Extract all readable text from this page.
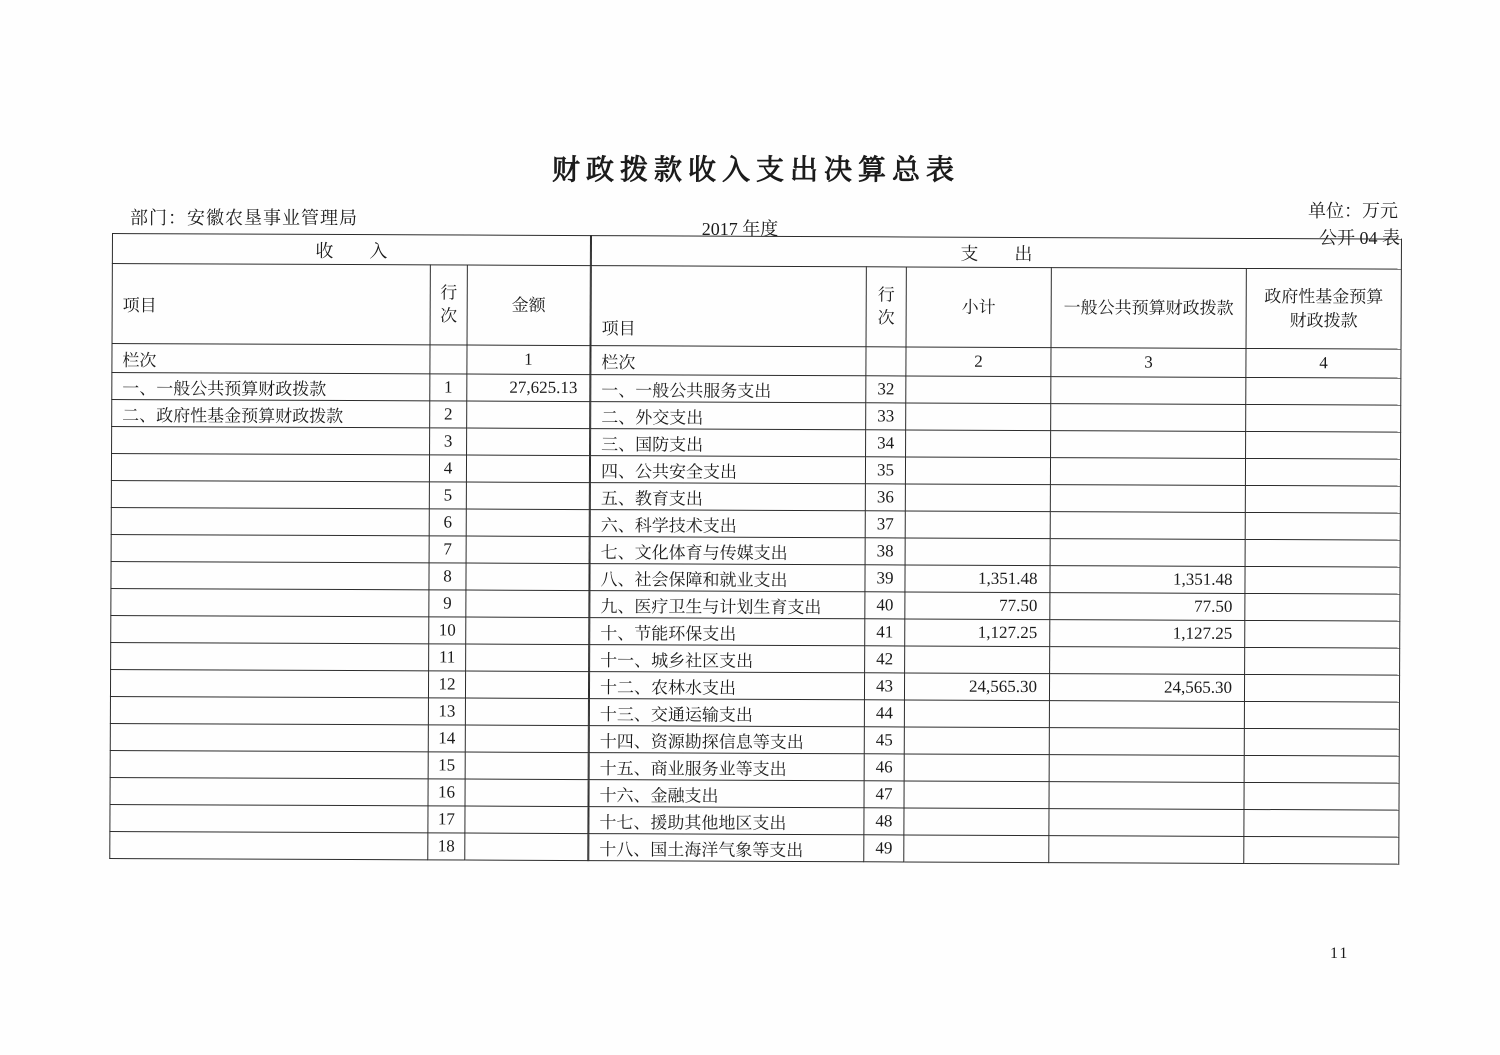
财政拨款收入支出决算总表
部门：安徽农垦事业管理局
2017 年度
单位：万元
公开 04 表
收　　入		
项目	行次	金额
栏次		1
一、一般公共预算财政拨款	1	27,625.13
二、政府性基金预算财政拨款	2	
	3	
	4	
	5	
	6	
	7	
	8	
	9	
	10	
	11	
	12	
	13	
	14	
	15	
	16	
	17	
	18	
支　　出				
项目	行次	小计	一般公共预算财政拨款	政府性基金预算
财政拨款
栏次		2	3	4
一、一般公共服务支出	32			
二、外交支出	33			
三、国防支出	34			
四、公共安全支出	35			
五、教育支出	36			
六、科学技术支出	37			
七、文化体育与传媒支出	38			
八、社会保障和就业支出	39	1,351.48	1,351.48	
九、医疗卫生与计划生育支出	40	77.50	77.50	
十、节能环保支出	41	1,127.25	1,127.25	
十一、城乡社区支出	42			
十二、农林水支出	43	24,565.30	24,565.30	
十三、交通运输支出	44			
十四、资源勘探信息等支出	45			
十五、商业服务业等支出	46			
十六、金融支出	47			
十七、援助其他地区支出	48			
十八、国土海洋气象等支出	49			
11
